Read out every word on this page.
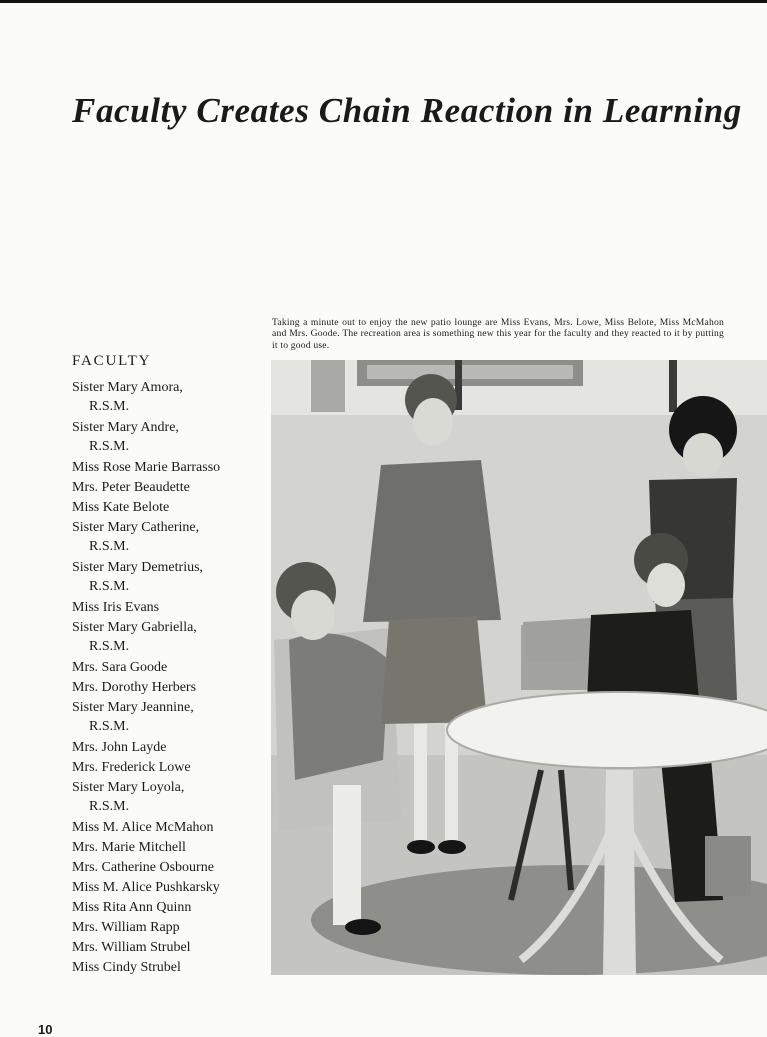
Faculty Creates Chain Reaction in Learning

Taking a minute out to enjoy the new patio lounge are Miss Evans, Mrs. Lowe, Miss Belote, Miss McMahon and Mrs. Goode. The recreation area is something new this year for the faculty and they reacted to it by putting it to good use.

FACULTY
Sister Mary Amora,
R.S.M.
Sister Mary Andre,
R.S.M.
Miss Rose Marie Barrasso
Mrs. Peter Beaudette
Miss Kate Belote
Sister Mary Catherine,
R.S.M.
Sister Mary Demetrius,
R.S.M.
Miss Iris Evans
Sister Mary Gabriella,
R.S.M.
Mrs. Sara Goode
Mrs. Dorothy Herbers
Sister Mary Jeannine,
R.S.M.
Mrs. John Layde
Mrs. Frederick Lowe
Sister Mary Loyola,
R.S.M.
Miss M. Alice McMahon
Mrs. Marie Mitchell
Mrs. Catherine Osbourne
Miss M. Alice Pushkarsky
Miss Rita Ann Quinn
Mrs. William Rapp
Mrs. William Strubel
Miss Cindy Strubel
10
